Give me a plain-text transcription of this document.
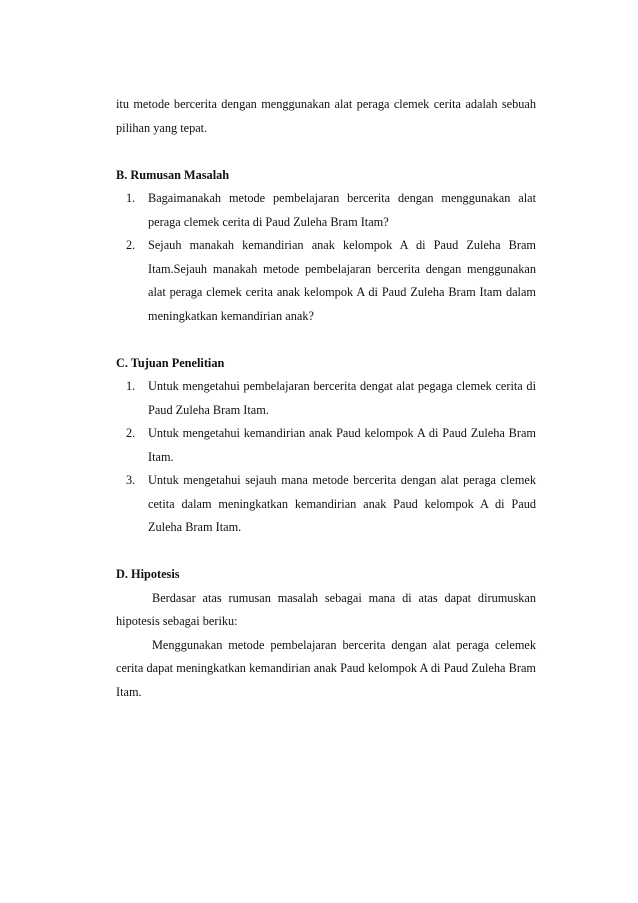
itu metode bercerita dengan menggunakan alat peraga clemek cerita adalah sebuah pilihan yang tepat.

B. Rumusan Masalah

1. Bagaimanakah metode pembelajaran bercerita dengan menggunakan alat peraga clemek cerita di Paud Zuleha Bram Itam?
2. Sejauh manakah kemandirian anak kelompok A di Paud Zuleha Bram Itam.Sejauh manakah metode pembelajaran bercerita dengan menggunakan alat peraga clemek cerita anak kelompok A di Paud Zuleha Bram Itam dalam meningkatkan kemandirian anak?

C. Tujuan Penelitian

1. Untuk mengetahui pembelajaran bercerita dengat alat pegaga clemek cerita di Paud Zuleha Bram Itam.
2. Untuk mengetahui kemandirian anak Paud kelompok A di Paud Zuleha Bram Itam.
3. Untuk mengetahui sejauh mana metode bercerita dengan alat peraga clemek cetita dalam meningkatkan kemandirian anak Paud kelompok A di Paud Zuleha Bram Itam.

D. Hipotesis

Berdasar atas rumusan masalah sebagai mana di atas dapat dirumuskan hipotesis sebagai beriku:

Menggunakan metode pembelajaran bercerita dengan alat peraga celemek cerita dapat meningkatkan kemandirian anak Paud kelompok A di Paud Zuleha Bram Itam.
